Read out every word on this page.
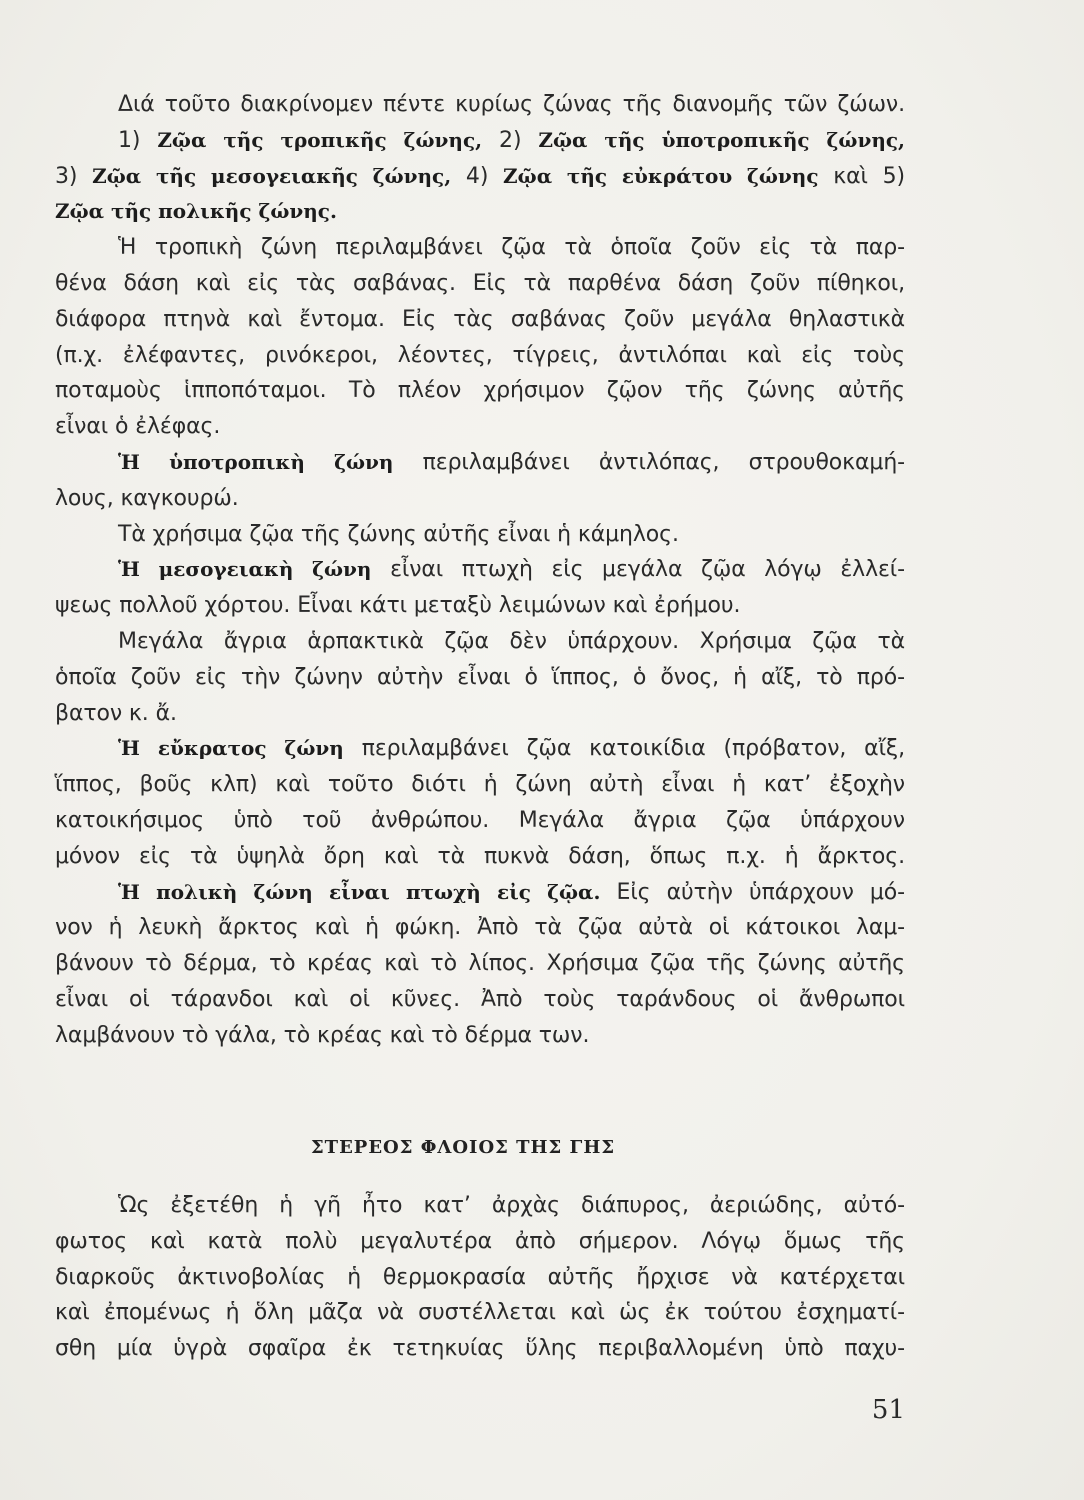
Διά τοῦτο διακρίνομεν πέντε κυρίως ζώνας τῆς διανομῆς τῶν ζώων.
1) Ζῷα τῆς τροπικῆς ζώνης, 2) Ζῷα τῆς ὑποτροπικῆς ζώνης,
3) Ζῷα τῆς μεσογειακῆς ζώνης, 4) Ζῷα τῆς εὐκράτου ζώνης καὶ 5)
Ζῷα τῆς πολικῆς ζώνης.
Ἡ τροπικὴ ζώνη περιλαμβάνει ζῷα τὰ ὁποῖα ζοῦν εἰς τὰ παρ-
θένα δάση καὶ εἰς τὰς σαβάνας. Εἰς τὰ παρθένα δάση ζοῦν πίθηκοι,
διάφορα πτηνὰ καὶ ἔντομα. Εἰς τὰς σαβάνας ζοῦν μεγάλα θηλαστικὰ
(π.χ. ἐλέφαντες, ρινόκεροι, λέοντες, τίγρεις, ἀντιλόπαι καὶ εἰς τοὺς
ποταμοὺς ἱπποπόταμοι. Τὸ πλέον χρήσιμον ζῷον τῆς ζώνης αὐτῆς
εἶναι ὁ ἐλέφας.
Ἡ ὑποτροπικὴ ζώνη περιλαμβάνει ἀντιλόπας, στρουθοκαμή-
λους, καγκουρώ.
Τὰ χρήσιμα ζῷα τῆς ζώνης αὐτῆς εἶναι ἡ κάμηλος.
Ἡ μεσογειακὴ ζώνη εἶναι πτωχὴ εἰς μεγάλα ζῷα λόγῳ ἐλλεί-
ψεως πολλοῦ χόρτου. Εἶναι κάτι μεταξὺ λειμώνων καὶ ἐρήμου.
Μεγάλα ἄγρια ἁρπακτικὰ ζῷα δὲν ὑπάρχουν. Χρήσιμα ζῷα τὰ
ὁποῖα ζοῦν εἰς τὴν ζώνην αὐτὴν εἶναι ὁ ἵππος, ὁ ὄνος, ἡ αἴξ, τὸ πρό-
βατον κ. ἄ.
Ἡ εὔκρατος ζώνη περιλαμβάνει ζῷα κατοικίδια (πρόβατον, αἴξ,
ἵππος, βοῦς κλπ) καὶ τοῦτο διότι ἡ ζώνη αὐτὴ εἶναι ἡ κατ’ ἐξοχὴν
κατοικήσιμος ὑπὸ τοῦ ἀνθρώπου. Μεγάλα ἄγρια ζῷα ὑπάρχουν
μόνον εἰς τὰ ὑψηλὰ ὄρη καὶ τὰ πυκνὰ δάση, ὅπως π.χ. ἡ ἄρκτος.
Ἡ πολικὴ ζώνη εἶναι πτωχὴ εἰς ζῷα. Εἰς αὐτὴν ὑπάρχουν μό-
νον ἡ λευκὴ ἄρκτος καὶ ἡ φώκη. Ἀπὸ τὰ ζῷα αὐτὰ οἱ κάτοικοι λαμ-
βάνουν τὸ δέρμα, τὸ κρέας καὶ τὸ λίπος. Χρήσιμα ζῷα τῆς ζώνης αὐτῆς
εἶναι οἱ τάρανδοι καὶ οἱ κῦνες. Ἀπὸ τοὺς ταράνδους οἱ ἄνθρωποι
λαμβάνουν τὸ γάλα, τὸ κρέας καὶ τὸ δέρμα των.
ΣΤΕΡΕΟΣ ΦΛΟΙΟΣ ΤΗΣ ΓΗΣ
Ὡς ἐξετέθη ἡ γῆ ἦτο κατ’ ἀρχὰς διάπυρος, ἀεριώδης, αὐτό-
φωτος καὶ κατὰ πολὺ μεγαλυτέρα ἀπὸ σήμερον. Λόγῳ ὅμως τῆς
διαρκοῦς ἀκτινοβολίας ἡ θερμοκρασία αὐτῆς ἤρχισε νὰ κατέρχεται
καὶ ἐπομένως ἡ ὅλη μᾶζα νὰ συστέλλεται καὶ ὡς ἐκ τούτου ἐσχηματί-
σθη μία ὑγρὰ σφαῖρα ἐκ τετηκυίας ὕλης περιβαλλομένη ὑπὸ παχυ-
51
